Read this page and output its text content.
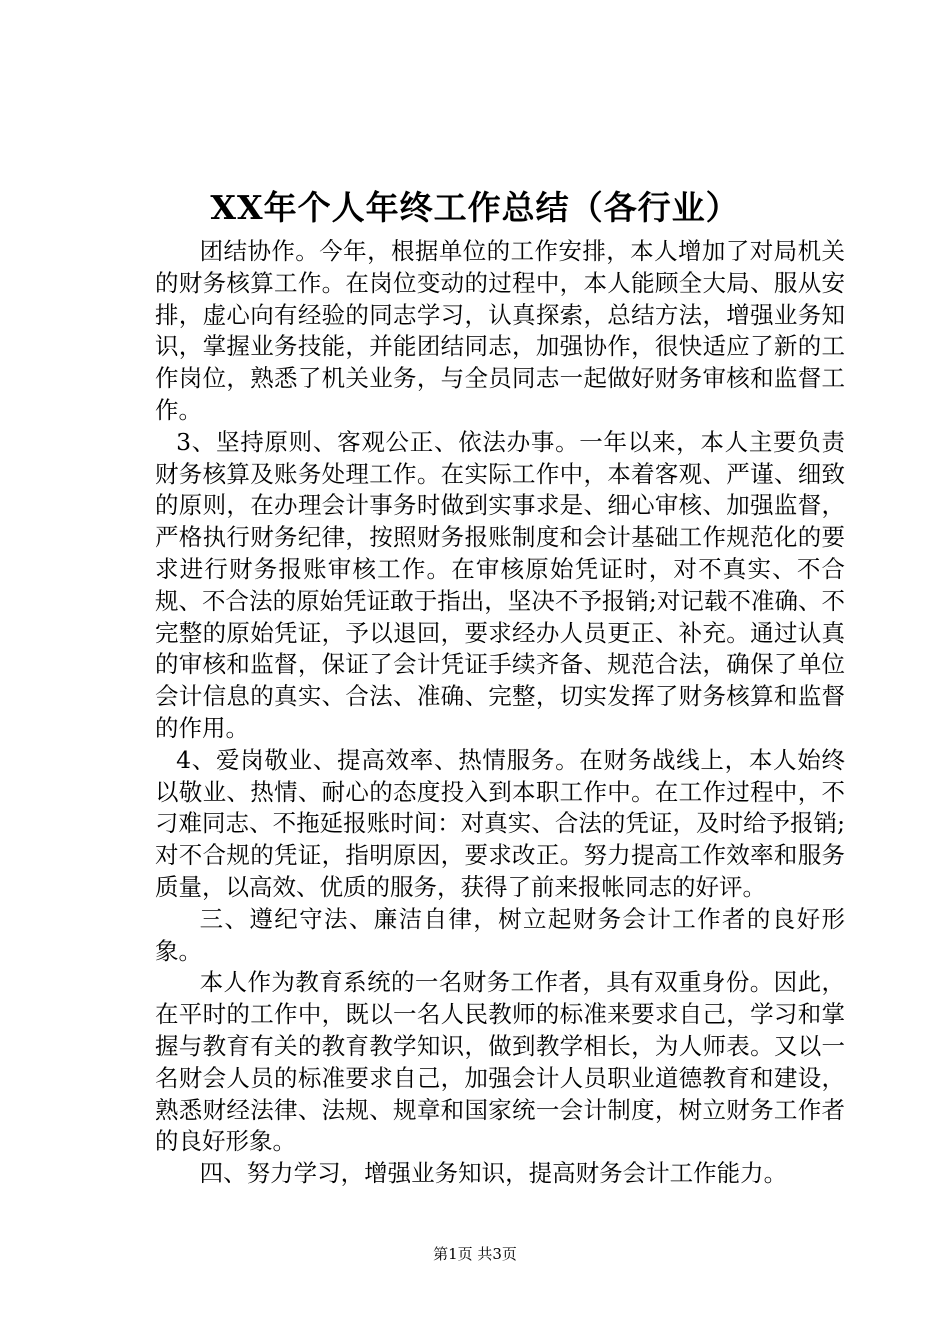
XX年个人年终工作总结（各行业）

团结协作。今年，根据单位的工作安排，本人增加了对局机关的财务核算工作。在岗位变动的过程中，本人能顾全大局、服从安排，虚心向有经验的同志学习，认真探索，总结方法，增强业务知识，掌握业务技能，并能团结同志，加强协作，很快适应了新的工作岗位，熟悉了机关业务，与全员同志一起做好财务审核和监督工作。

3、坚持原则、客观公正、依法办事。一年以来，本人主要负责财务核算及账务处理工作。在实际工作中，本着客观、严谨、细致的原则，在办理会计事务时做到实事求是、细心审核、加强监督，严格执行财务纪律，按照财务报账制度和会计基础工作规范化的要求进行财务报账审核工作。在审核原始凭证时，对不真实、不合规、不合法的原始凭证敢于指出，坚决不予报销;对记载不准确、不完整的原始凭证，予以退回，要求经办人员更正、补充。通过认真的审核和监督，保证了会计凭证手续齐备、规范合法，确保了单位会计信息的真实、合法、准确、完整，切实发挥了财务核算和监督的作用。

4、爱岗敬业、提高效率、热情服务。在财务战线上，本人始终以敬业、热情、耐心的态度投入到本职工作中。在工作过程中，不刁难同志、不拖延报账时间：对真实、合法的凭证，及时给予报销;对不合规的凭证，指明原因，要求改正。努力提高工作效率和服务质量，以高效、优质的服务，获得了前来报帐同志的好评。

三、遵纪守法、廉洁自律，树立起财务会计工作者的良好形象。

本人作为教育系统的一名财务工作者，具有双重身份。因此，在平时的工作中，既以一名人民教师的标准来要求自己，学习和掌握与教育有关的教育教学知识，做到教学相长，为人师表。又以一名财会人员的标准要求自己，加强会计人员职业道德教育和建设，熟悉财经法律、法规、规章和国家统一会计制度，树立财务工作者的良好形象。

四、努力学习，增强业务知识，提高财务会计工作能力。

第1页 共3页
